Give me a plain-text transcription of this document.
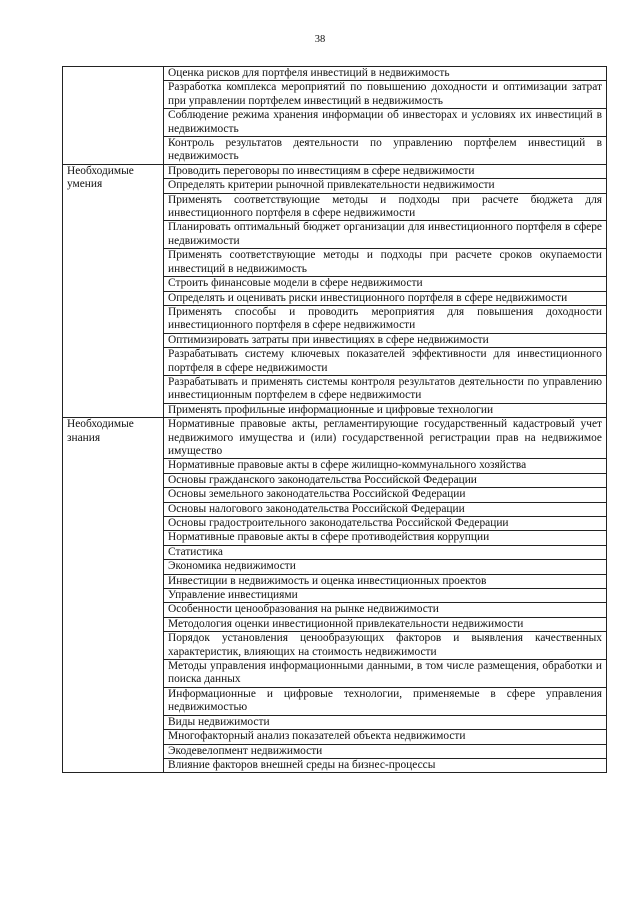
38
	Оценка рисков для портфеля инвестиций в недвижимость
	Разработка комплекса мероприятий по повышению доходности и оптимизации затрат при управлении портфелем инвестиций в недвижимость
	Соблюдение режима хранения информации об инвесторах и условиях их инвестиций в недвижимость
	Контроль результатов деятельности по управлению портфелем инвестиций в недвижимость
Необходимые умения	Проводить переговоры по инвестициям в сфере недвижимости
	Определять критерии рыночной привлекательности недвижимости
	Применять соответствующие методы и подходы при расчете бюджета для инвестиционного портфеля в сфере недвижимости
	Планировать оптимальный бюджет организации для инвестиционного портфеля в сфере недвижимости
	Применять соответствующие методы и подходы при расчете сроков окупаемости инвестиций в недвижимость
	Строить финансовые модели в сфере недвижимости
	Определять и оценивать риски инвестиционного портфеля в сфере недвижимости
	Применять способы и проводить мероприятия для повышения доходности инвестиционного портфеля в сфере недвижимости
	Оптимизировать затраты при инвестициях в сфере недвижимости
	Разрабатывать систему ключевых показателей эффективности для инвестиционного портфеля в сфере недвижимости
	Разрабатывать и применять системы контроля результатов деятельности по управлению инвестиционным портфелем в сфере недвижимости
	Применять профильные информационные и цифровые технологии
Необходимые знания	Нормативные правовые акты, регламентирующие государственный кадастровый учет недвижимого имущества и (или) государственной регистрации прав на недвижимое имущество
	Нормативные правовые акты в сфере жилищно-коммунального хозяйства
	Основы гражданского законодательства Российской Федерации
	Основы земельного законодательства Российской Федерации
	Основы налогового законодательства Российской Федерации
	Основы градостроительного законодательства Российской Федерации
	Нормативные правовые акты в сфере противодействия коррупции
	Статистика
	Экономика недвижимости
	Инвестиции в недвижимость и оценка инвестиционных проектов
	Управление инвестициями
	Особенности ценообразования на рынке недвижимости
	Методология оценки инвестиционной привлекательности недвижимости
	Порядок установления ценообразующих факторов и выявления качественных характеристик, влияющих на стоимость недвижимости
	Методы управления информационными данными, в том числе размещения, обработки и поиска данных
	Информационные и цифровые технологии, применяемые в сфере управления недвижимостью
	Виды недвижимости
	Многофакторный анализ показателей объекта недвижимости
	Экодевелопмент недвижимости
	Влияние факторов внешней среды на бизнес-процессы
